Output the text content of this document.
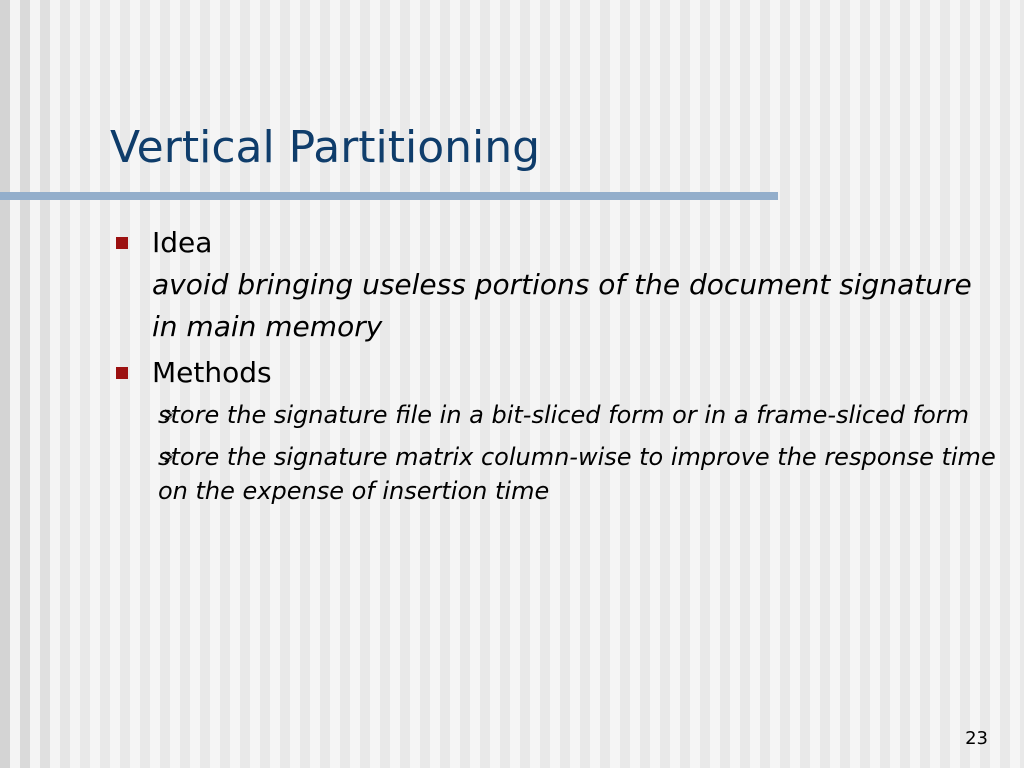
Vertical Partitioning
Idea
avoid bringing useless portions of the document signature in main memory
Methods
store the signature file in a bit-sliced form or in a frame-sliced form
store the signature matrix column-wise to improve the response time on the expense of insertion time
23
